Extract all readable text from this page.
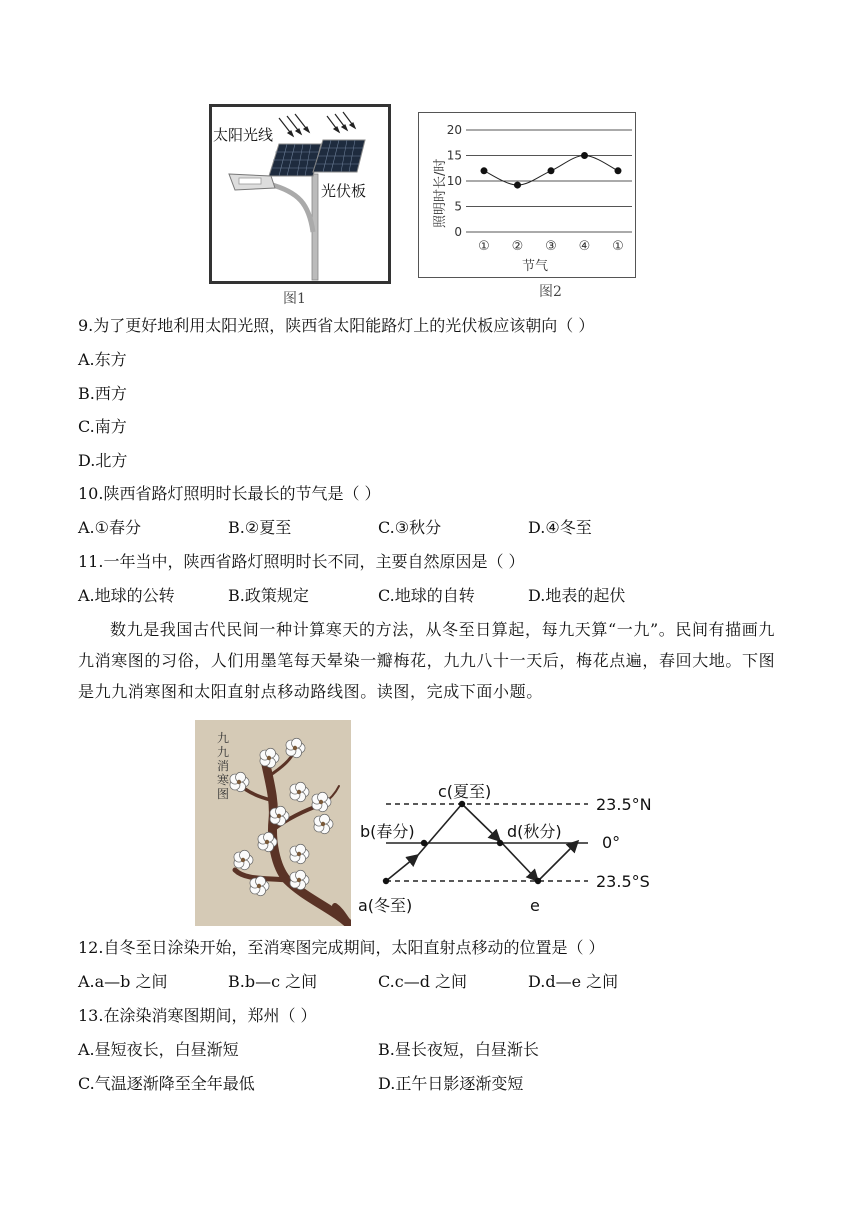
太阳光线
光伏板
图1
照明时长/时
0
5
10
15
20
① ② ③ ④ ①
节气
图2
9.为了更好地利用太阳光照，陕西省太阳能路灯上的光伏板应该朝向（ ）
A.东方
B.西方
C.南方
D.北方
10.陕西省路灯照明时长最长的节气是（ ）
A.①春分	B.②夏至	C.③秋分	D.④冬至
11.一年当中，陕西省路灯照明时长不同，主要自然原因是（ ）
A.地球的公转	B.政策规定	C.地球的自转	D.地表的起伏
数九是我国古代民间一种计算寒天的方法，从冬至日算起，每九天算“一九”。民间有描画九九消寒图的习俗，人们用墨笔每天晕染一瓣梅花，九九八十一天后，梅花点遍，春回大地。下图是九九消寒图和太阳直射点移动路线图。读图，完成下面小题。
九九消寒图	c(夏至)
b(春分)	d(秋分)
a(冬至)	e
23.5°N
0°
23.5°S
12.自冬至日涂染开始，至消寒图完成期间，太阳直射点移动的位置是（ ）
A.a—b 之间	B.b—c 之间	C.c—d 之间	D.d—e 之间
13.在涂染消寒图期间，郑州（ ）
A.昼短夜长，白昼渐短	B.昼长夜短，白昼渐长
C.气温逐渐降至全年最低	D.正午日影逐渐变短
